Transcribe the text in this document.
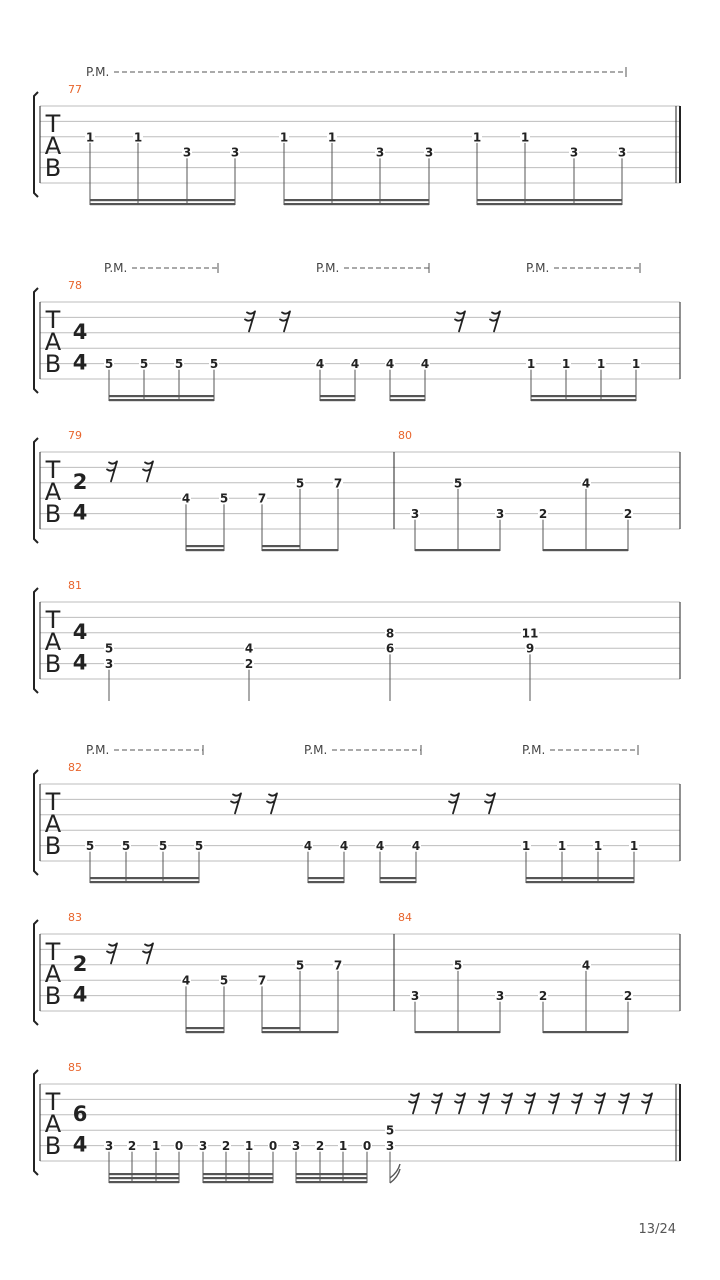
T
A
B
77
P.M.
1	1
3	3
1	1
3	3
1	1
3	3
T
A
B
78
4
4
P.M.	P.M.	P.M.
5 5 5 5	4 4 4 4	1 1 1 1
T
A
B
79	80
2
4
4 5 7
5 7
3
5
3	2
4
2
T
A
B
81
4
4
5
3
4
2
8
6
11
9
T
A
B
82
P.M.	P.M.	P.M.
5 5 5 5	4 4 4 4	1 1 1 1
T
A
B
83	84
2
4
4 5 7
5 7
3
5
3	2
4
2
T
A
B
85
6
4 3 2 1 0 3 2 1 0 3 2 1 0
5
3
13/24
